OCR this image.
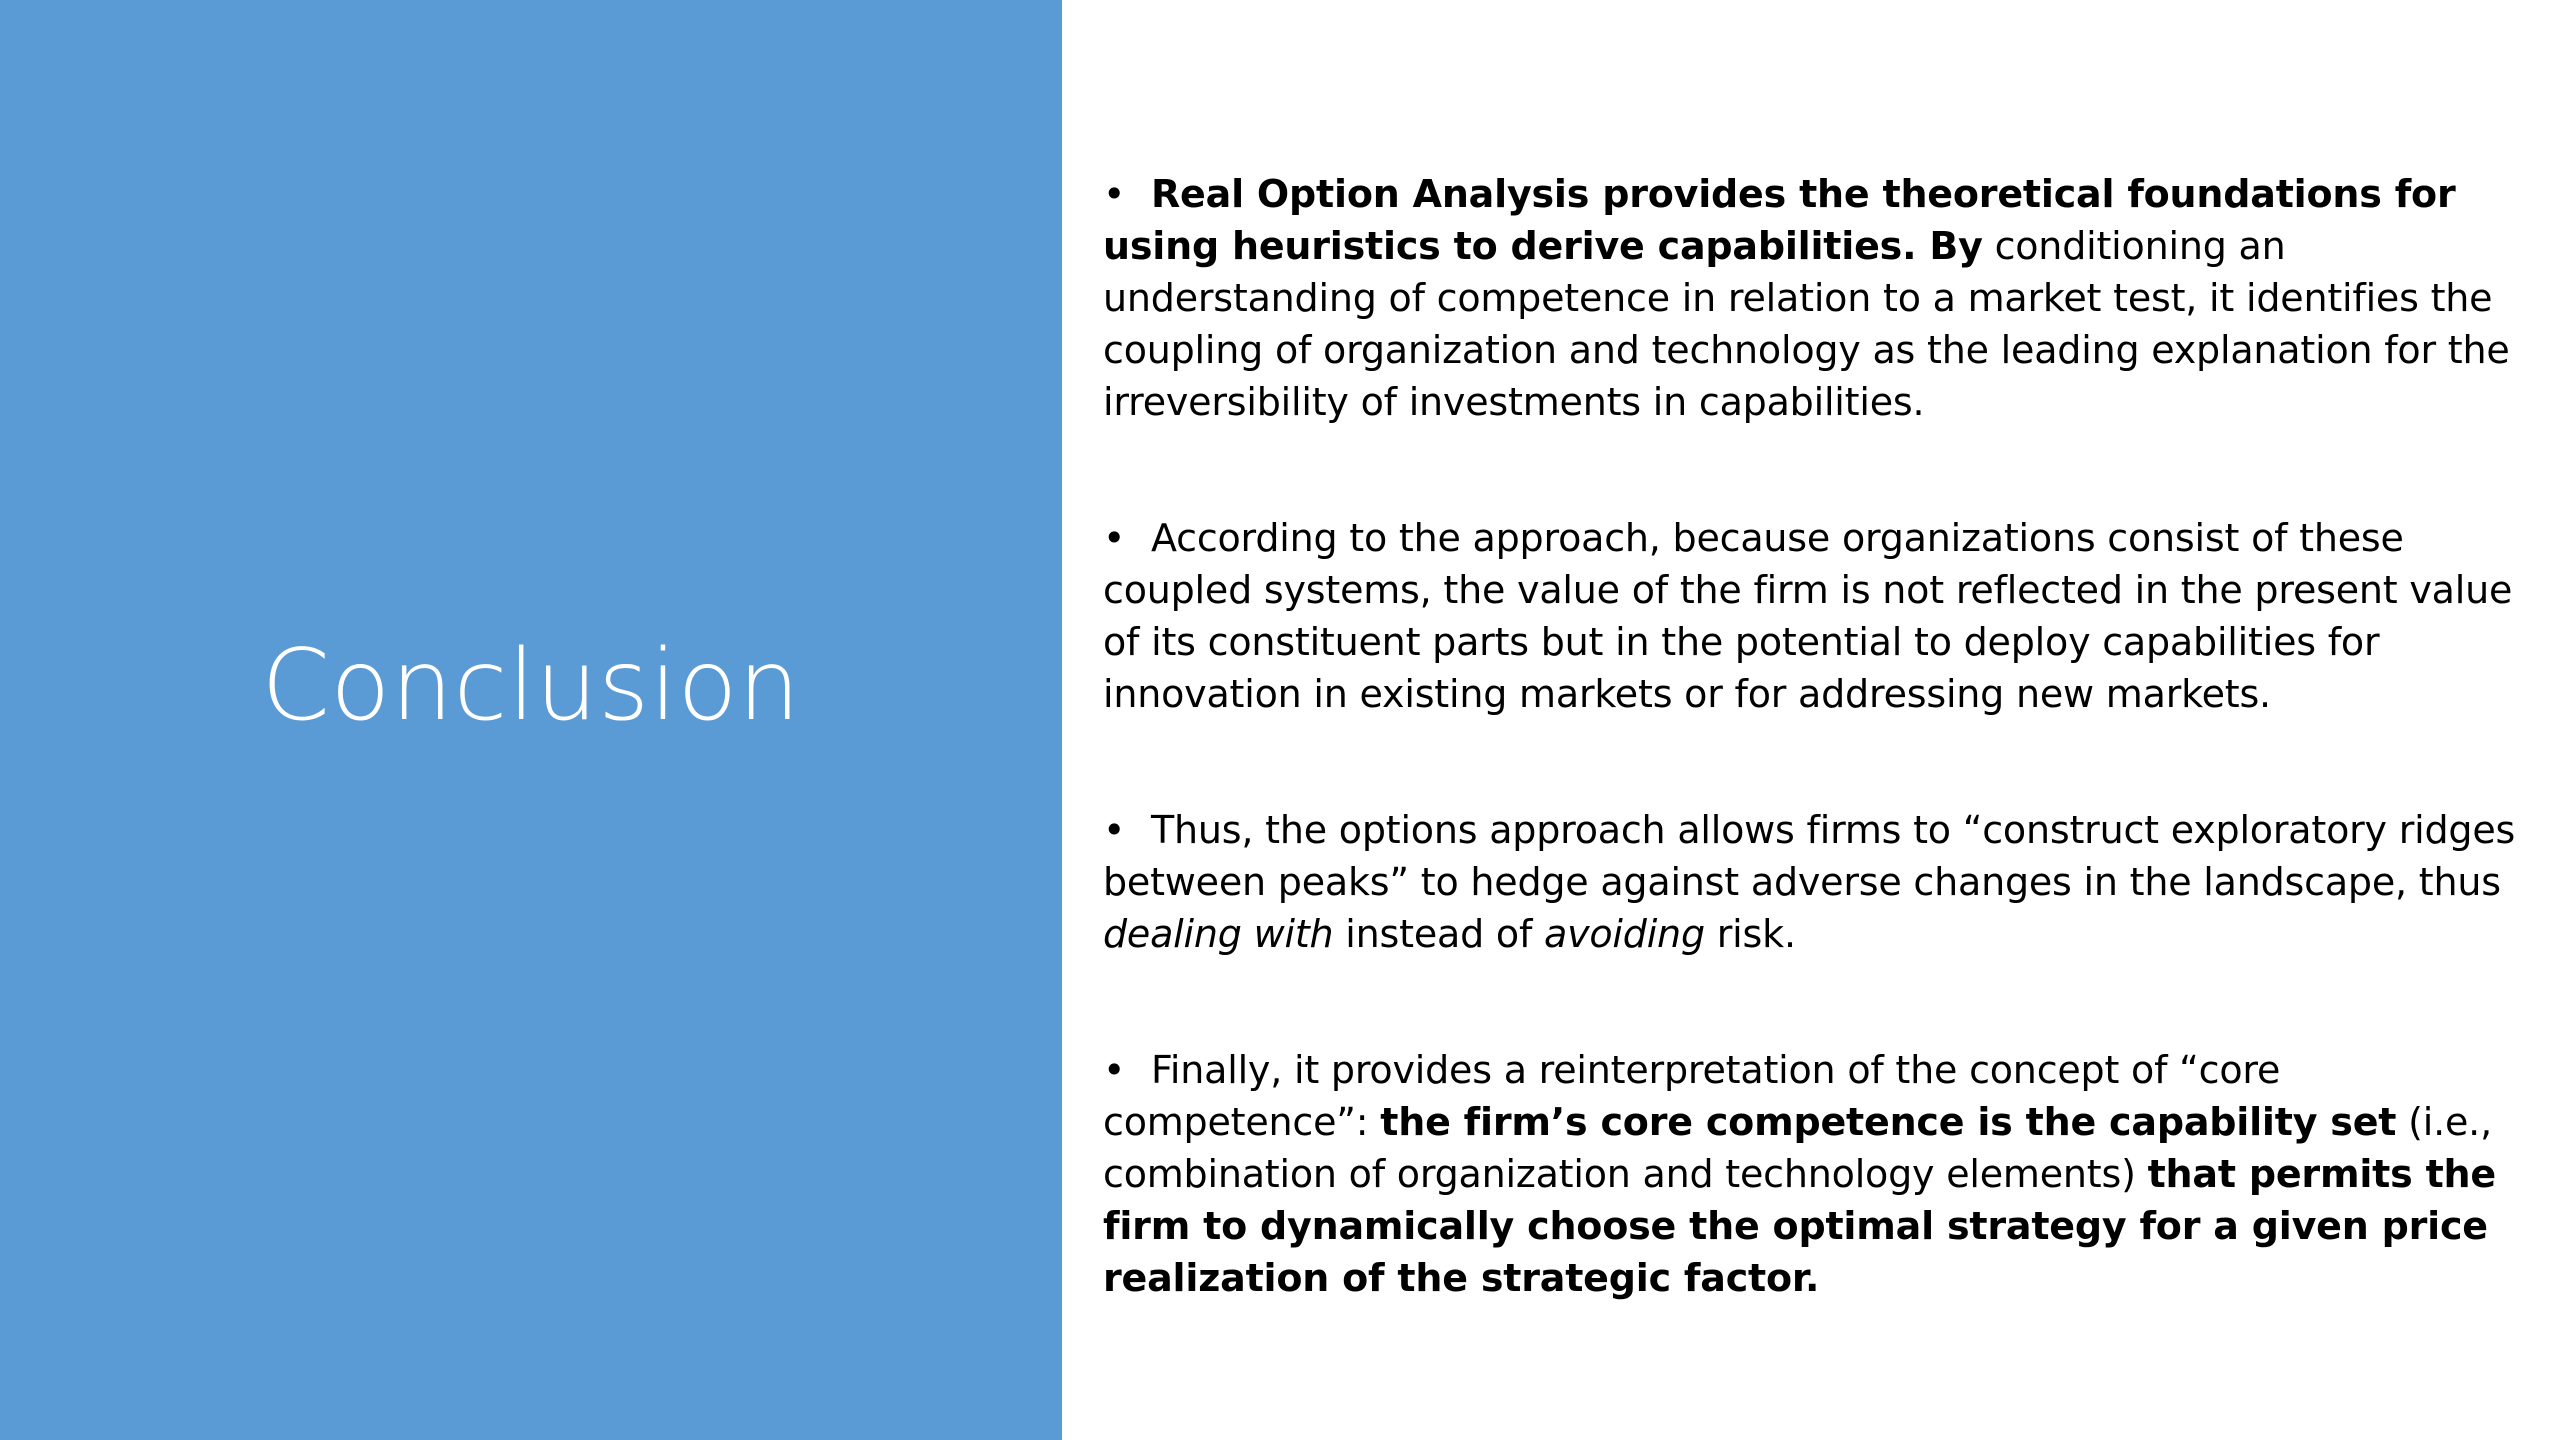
Conclusion

• Real Option Analysis provides the theoretical foundations for using heuristics to derive capabilities. By conditioning an understanding of competence in relation to a market test, it identifies the coupling of organization and technology as the leading explanation for the irreversibility of investments in capabilities.

• According to the approach, because organizations consist of these coupled systems, the value of the firm is not reflected in the present value of its constituent parts but in the potential to deploy capabilities for innovation in existing markets or for addressing new markets.

• Thus, the options approach allows firms to “construct exploratory ridges between peaks” to hedge against adverse changes in the landscape, thus dealing with instead of avoiding risk.

• Finally, it provides a reinterpretation of the concept of “core competence”: the firm’s core competence is the capability set (i.e., combination of organization and technology elements) that permits the firm to dynamically choose the optimal strategy for a given price realization of the strategic factor.
